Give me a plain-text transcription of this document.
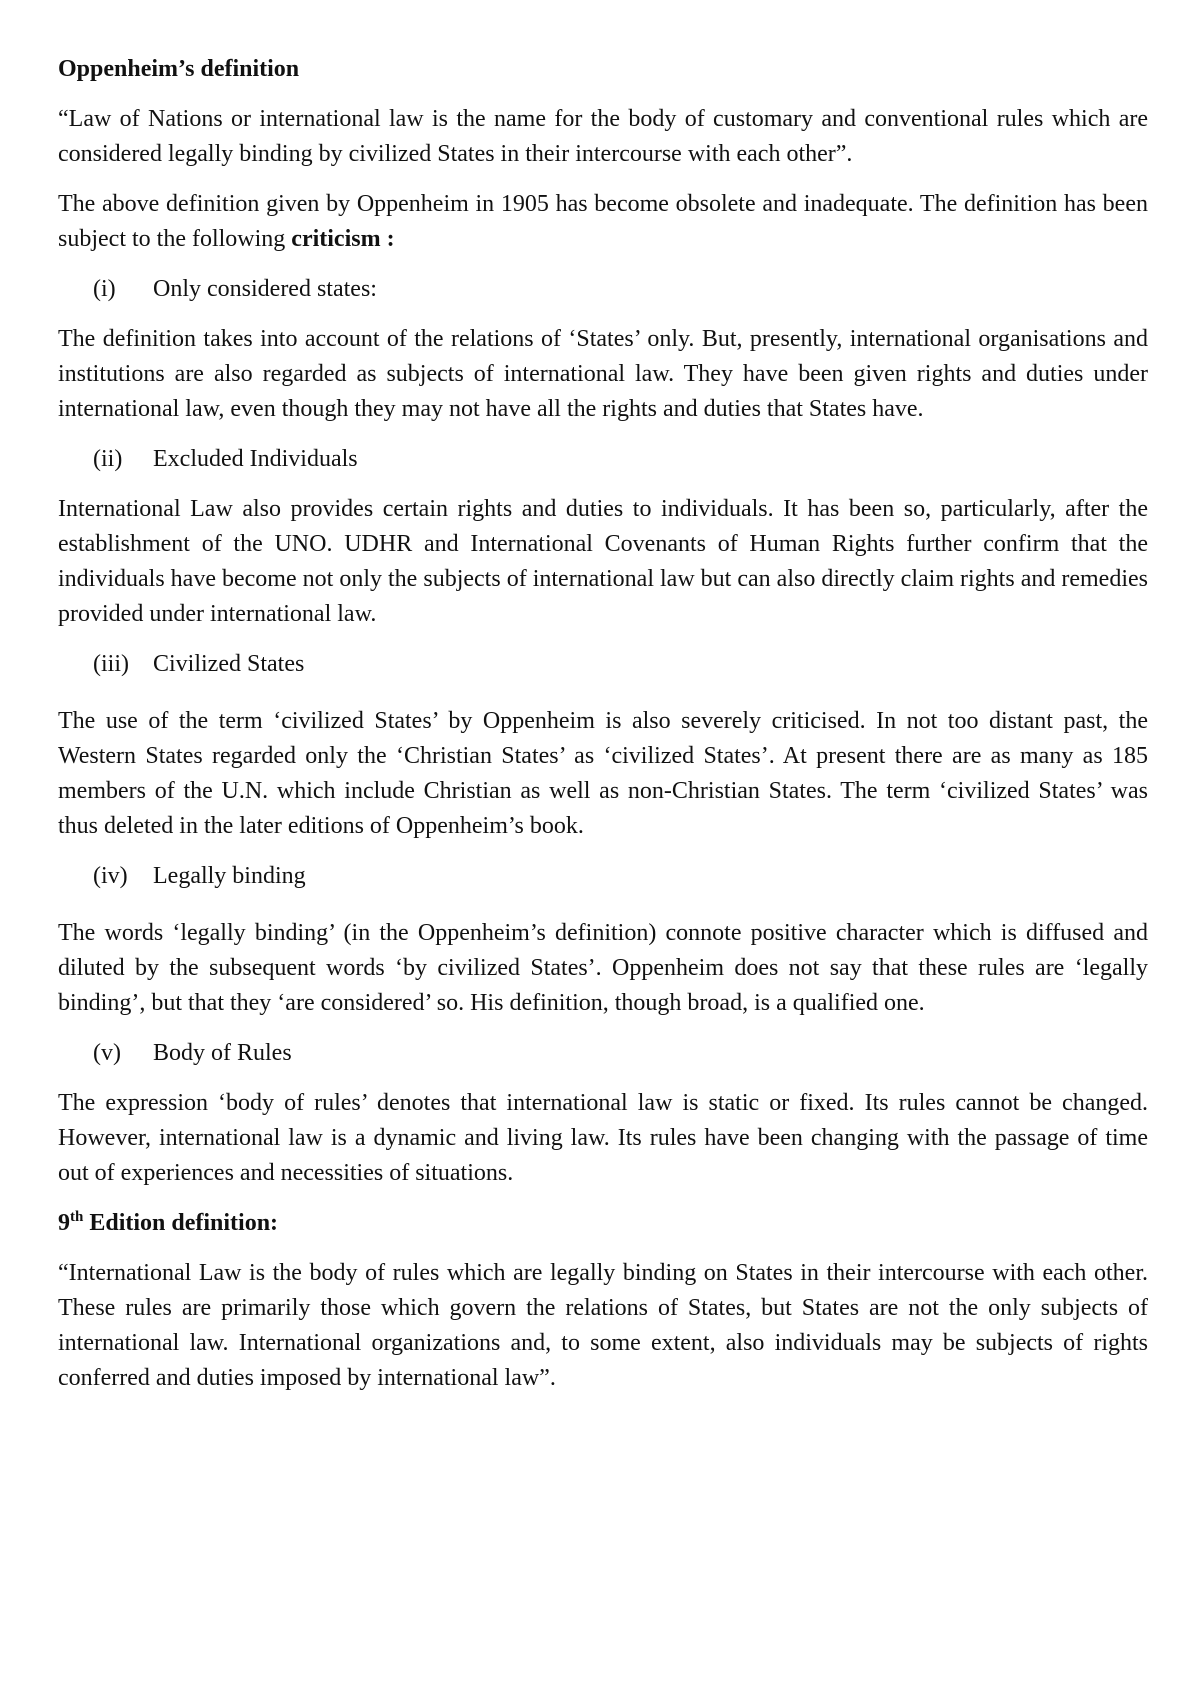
Oppenheim’s definition

“Law of Nations or international law is the name for the body of customary and conventional rules which are considered legally binding by civilized States in their intercourse with each other”.

The above definition given by Oppenheim in 1905 has become obsolete and inadequate. The definition has been subject to the following criticism :

(i)	Only considered states:

The definition takes into account of the relations of ‘States’ only. But, presently, international organisations and institutions are also regarded as subjects of international law. They have been given rights and duties under international law, even though they may not have all the rights and duties that States have.

(ii)	Excluded Individuals

International Law also provides certain rights and duties to individuals. It has been so, particularly, after the establishment of the UNO. UDHR and International Covenants of Human Rights further confirm that the individuals have become not only the subjects of international law but can also directly claim rights and remedies provided under international law.

(iii)	Civilized States

The use of the term ‘civilized States’ by Oppenheim is also severely criticised. In not too distant past, the Western States regarded only the ‘Christian States’ as ‘civilized States’. At present there are as many as 185 members of the U.N. which include Christian as well as non-Christian States. The term ‘civilized States’ was thus deleted in the later editions of Oppenheim’s book.

(iv)	Legally binding

The words ‘legally binding’ (in the Oppenheim’s definition) connote positive character which is diffused and diluted by the subsequent words ‘by civilized States’. Oppenheim does not say that these rules are ‘legally binding’, but that they ‘are considered’ so. His definition, though broad, is a qualified one.

(v)	Body of Rules

The expression ‘body of rules’ denotes that international law is static or fixed. Its rules cannot be changed. However, international law is a dynamic and living law. Its rules have been changing with the passage of time out of experiences and necessities of situations.

9th Edition definition:

“International Law is the body of rules which are legally binding on States in their intercourse with each other. These rules are primarily those which govern the relations of States, but States are not the only subjects of international law. International organizations and, to some extent, also individuals may be subjects of rights conferred and duties imposed by international law”.
